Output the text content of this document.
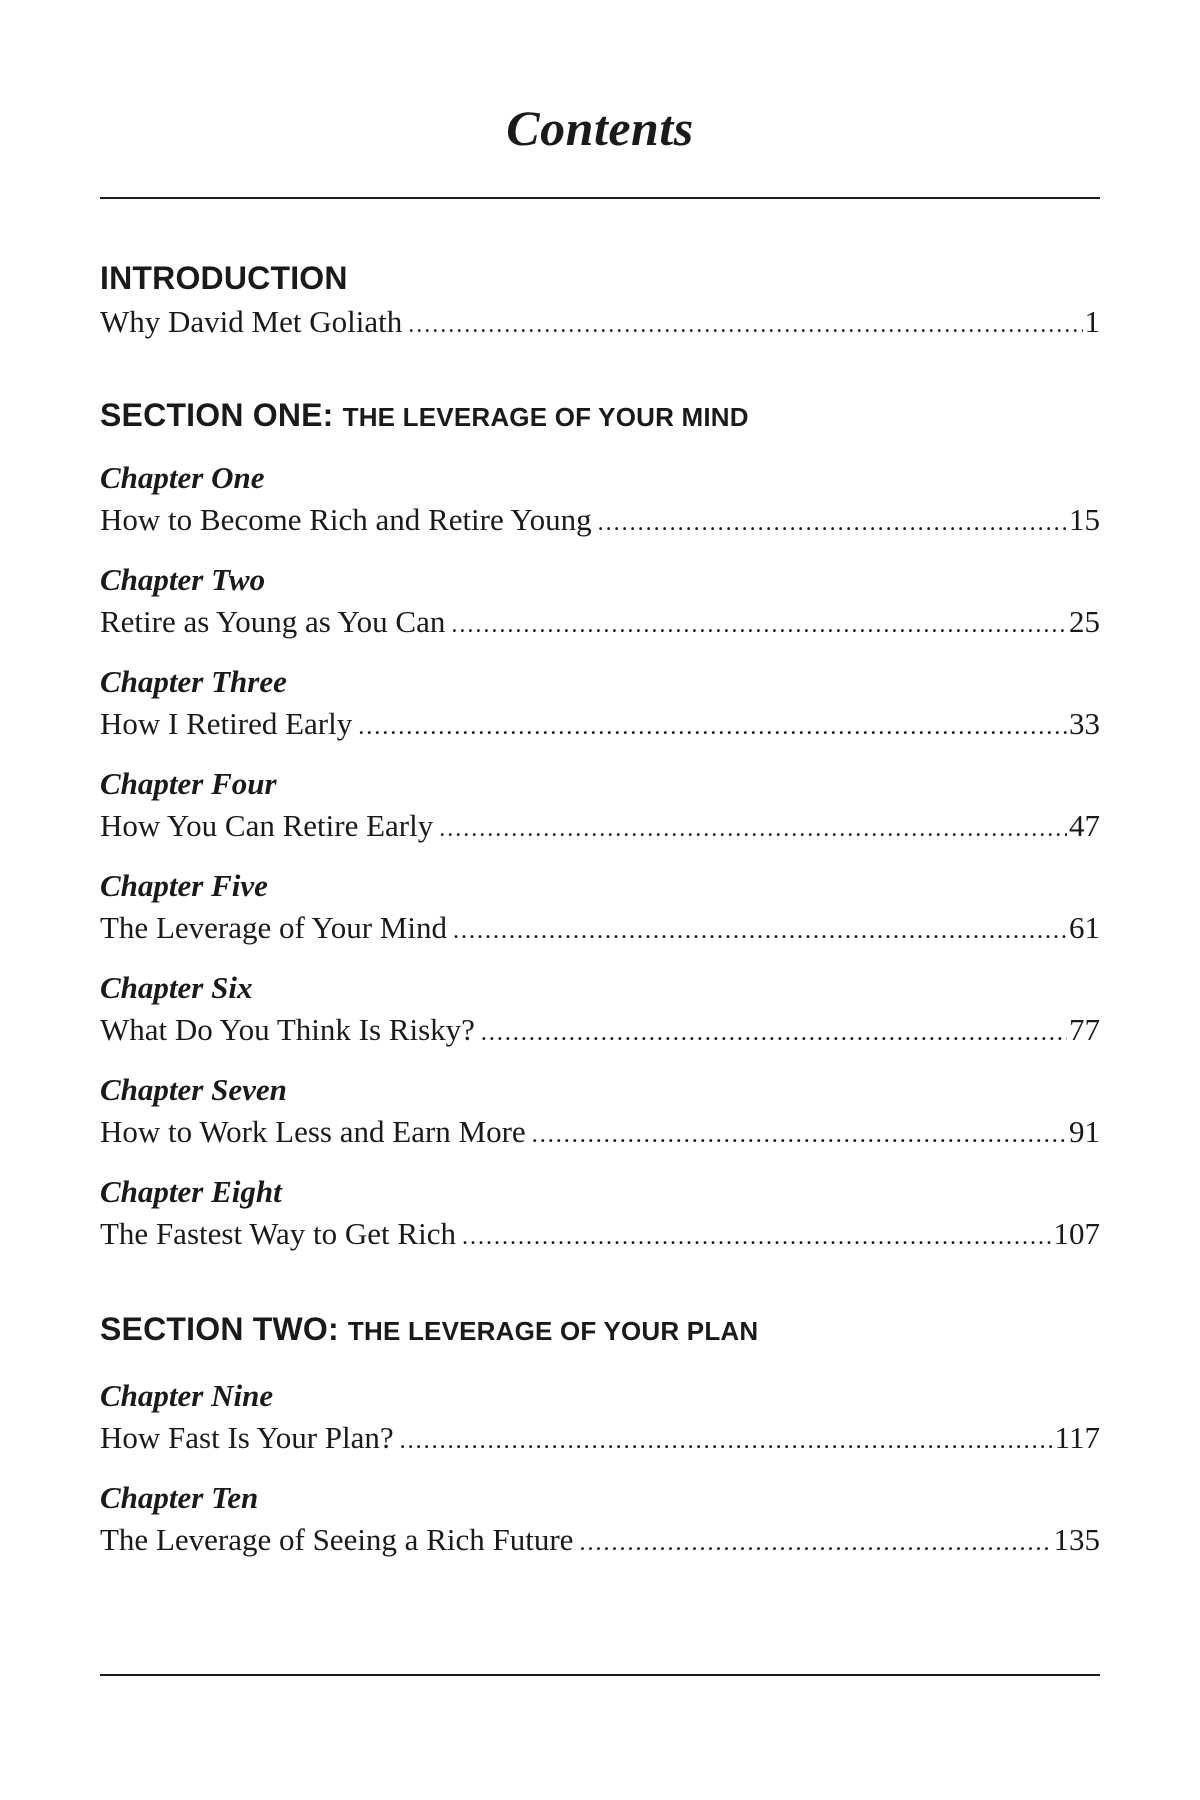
Contents
INTRODUCTION
Why David Met Goliath .....	1
SECTION ONE: THE LEVERAGE OF YOUR MIND
Chapter One
How to Become Rich and Retire Young .....	15
Chapter Two
Retire as Young as You Can .....	25
Chapter Three
How I Retired Early .....	33
Chapter Four
How You Can Retire Early .....	47
Chapter Five
The Leverage of Your Mind .....	61
Chapter Six
What Do You Think Is Risky? .....	77
Chapter Seven
How to Work Less and Earn More .....	91
Chapter Eight
The Fastest Way to Get Rich .....	107
SECTION TWO: THE LEVERAGE OF YOUR PLAN
Chapter Nine
How Fast Is Your Plan? .....	117
Chapter Ten
The Leverage of Seeing a Rich Future .....	135
